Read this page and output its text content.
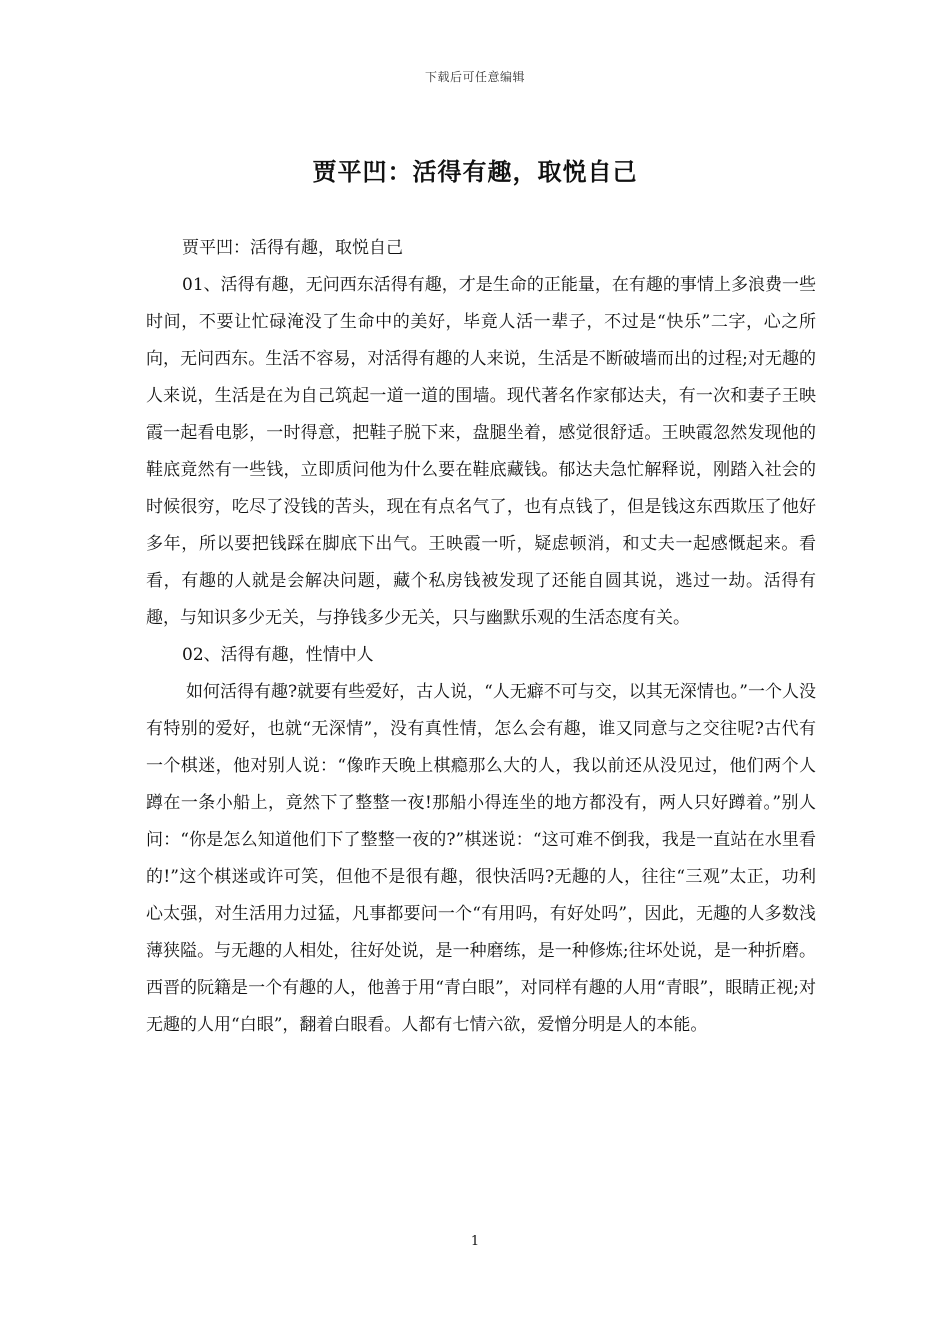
下载后可任意编辑
贾平凹：活得有趣，取悦自己

贾平凹：活得有趣，取悦自己

01、活得有趣，无问西东活得有趣，才是生命的正能量，在有趣的事情上多浪费一些时间，不要让忙碌淹没了生命中的美好，毕竟人活一辈子，不过是“快乐”二字，心之所向，无问西东。生活不容易，对活得有趣的人来说，生活是不断破墙而出的过程;对无趣的人来说，生活是在为自己筑起一道一道的围墙。现代著名作家郁达夫，有一次和妻子王映霞一起看电影，一时得意，把鞋子脱下来，盘腿坐着，感觉很舒适。王映霞忽然发现他的鞋底竟然有一些钱，立即质问他为什么要在鞋底藏钱。郁达夫急忙解释说，刚踏入社会的时候很穷，吃尽了没钱的苦头，现在有点名气了，也有点钱了，但是钱这东西欺压了他好多年，所以要把钱踩在脚底下出气。王映霞一听，疑虑顿消，和丈夫一起感慨起来。看看，有趣的人就是会解决问题，藏个私房钱被发现了还能自圆其说，逃过一劫。活得有趣，与知识多少无关，与挣钱多少无关，只与幽默乐观的生活态度有关。

02、活得有趣，性情中人

如何活得有趣?就要有些爱好，古人说，“人无癖不可与交，以其无深情也。”一个人没有特别的爱好，也就“无深情”，没有真性情，怎么会有趣，谁又同意与之交往呢?古代有一个棋迷，他对别人说：“像昨天晚上棋瘾那么大的人，我以前还从没见过，他们两个人蹲在一条小船上，竟然下了整整一夜!那船小得连坐的地方都没有，两人只好蹲着。”别人问：“你是怎么知道他们下了整整一夜的?”棋迷说：“这可难不倒我，我是一直站在水里看的!”这个棋迷或许可笑，但他不是很有趣，很快活吗?无趣的人，往往“三观”太正，功利心太强，对生活用力过猛，凡事都要问一个“有用吗，有好处吗”，因此，无趣的人多数浅薄狭隘。与无趣的人相处，往好处说，是一种磨练，是一种修炼;往坏处说，是一种折磨。西晋的阮籍是一个有趣的人，他善于用“青白眼”，对同样有趣的人用“青眼”，眼睛正视;对无趣的人用“白眼”，翻着白眼看。人都有七情六欲，爱憎分明是人的本能。

1
